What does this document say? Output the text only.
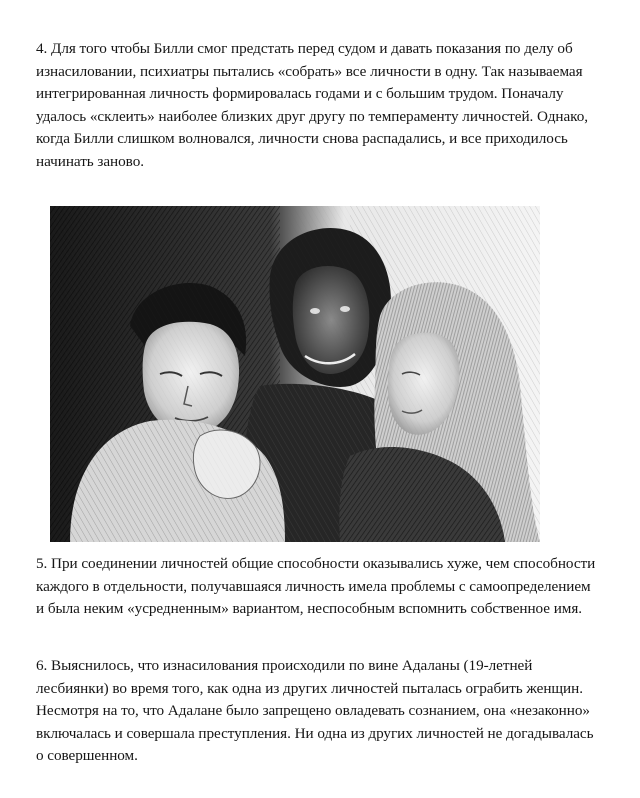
4. Для того чтобы Билли смог предстать перед судом и давать показания по делу об изнасиловании, психиатры пытались «собрать» все личности в одну. Так называемая интегрированная личность формировалась годами и с большим трудом. Поначалу удалось «склеить» наиболее близких друг другу по темпераменту личностей. Однако, когда Билли слишком волновался, личности снова распадались, и все приходилось начинать заново.

5. При соединении личностей общие способности оказывались хуже, чем способности каждого в отдельности, получавшаяся личность имела проблемы с самоопределением и была неким «усредненным» вариантом, неспособным вспомнить собственное имя.

6. Выяснилось, что изнасилования происходили по вине Адаланы (19-летней лесбиянки) во время того, как одна из других личностей пыталась ограбить женщин. Несмотря на то, что Адалане было запрещено овладевать сознанием, она «незаконно» включалась и совершала преступления. Ни одна из других личностей не догадывалась о совершенном.
